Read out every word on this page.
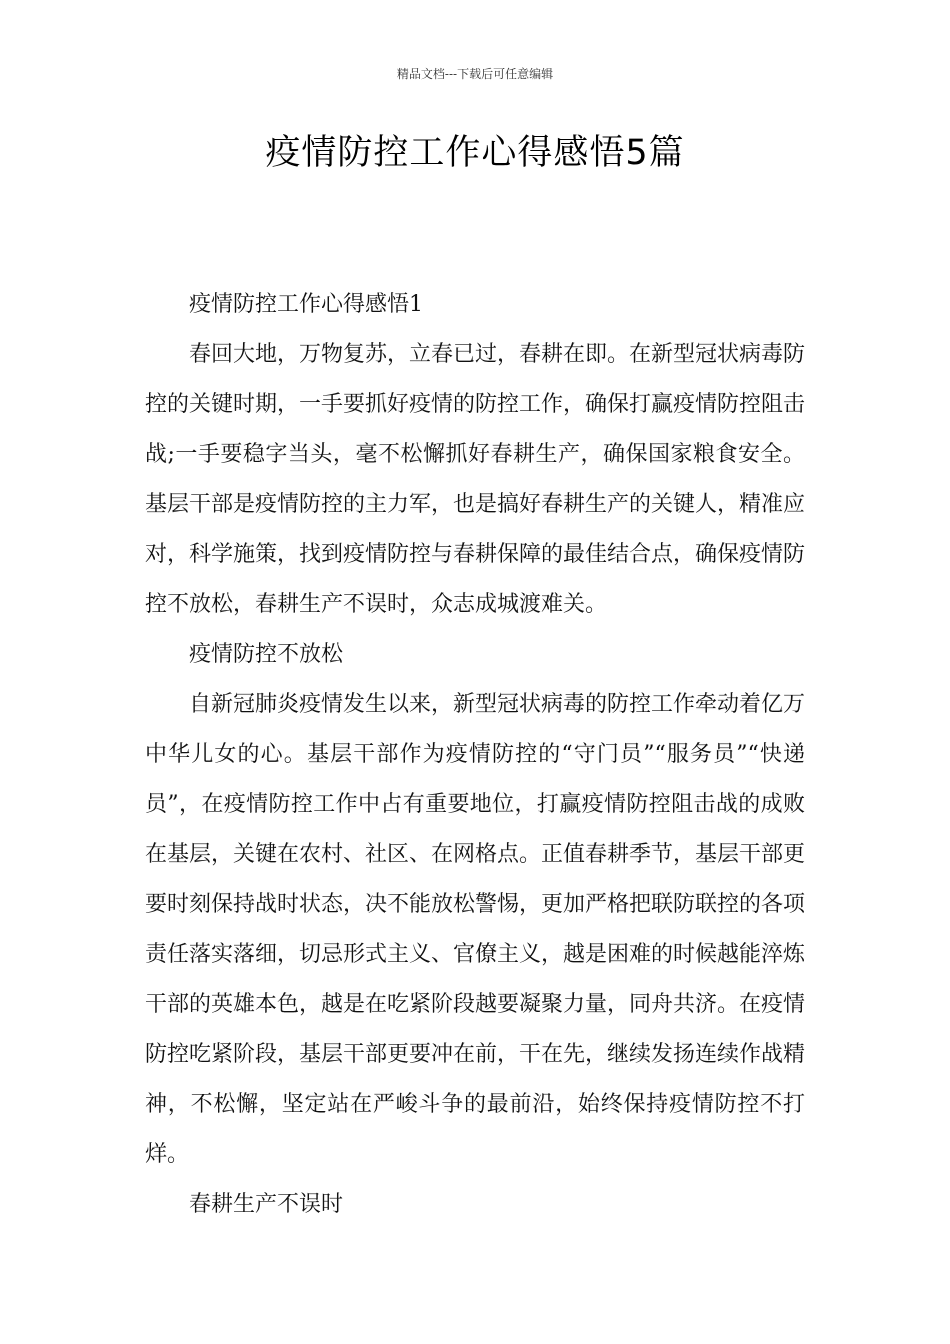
精品文档---下载后可任意编辑
疫情防控工作心得感悟5篇

疫情防控工作心得感悟1

春回大地，万物复苏，立春已过，春耕在即。在新型冠状病毒防控的关键时期，一手要抓好疫情的防控工作，确保打赢疫情防控阻击战;一手要稳字当头，毫不松懈抓好春耕生产，确保国家粮食安全。基层干部是疫情防控的主力军，也是搞好春耕生产的关键人，精准应对，科学施策，找到疫情防控与春耕保障的最佳结合点，确保疫情防控不放松，春耕生产不误时，众志成城渡难关。

疫情防控不放松

自新冠肺炎疫情发生以来，新型冠状病毒的防控工作牵动着亿万中华儿女的心。基层干部作为疫情防控的“守门员”“服务员”“快递员”，在疫情防控工作中占有重要地位，打赢疫情防控阻击战的成败在基层，关键在农村、社区、在网格点。正值春耕季节，基层干部更要时刻保持战时状态，决不能放松警惕，更加严格把联防联控的各项责任落实落细，切忌形式主义、官僚主义，越是困难的时候越能淬炼干部的英雄本色，越是在吃紧阶段越要凝聚力量，同舟共济。在疫情防控吃紧阶段，基层干部更要冲在前，干在先，继续发扬连续作战精神，不松懈，坚定站在严峻斗争的最前沿，始终保持疫情防控不打烊。

春耕生产不误时
